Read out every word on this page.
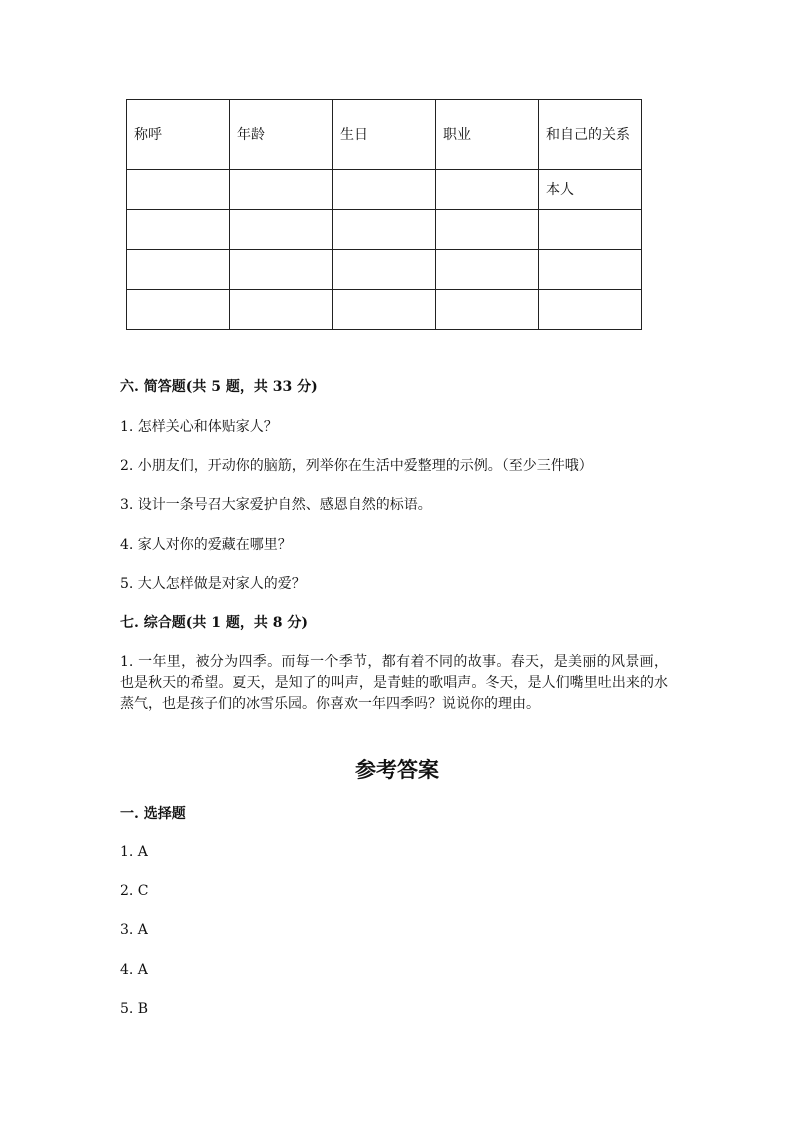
称呼	年龄	生日	职业	和自己的关系
				本人

六. 简答题(共 5 题，共 33 分)

1. 怎样关心和体贴家人？

2. 小朋友们，开动你的脑筋，列举你在生活中爱整理的示例。（至少三件哦）

3. 设计一条号召大家爱护自然、感恩自然的标语。

4. 家人对你的爱藏在哪里？

5. 大人怎样做是对家人的爱？

七. 综合题(共 1 题，共 8 分)

1. 一年里，被分为四季。而每一个季节，都有着不同的故事。春天，是美丽的风景画，也是秋天的希望。夏天，是知了的叫声，是青蛙的歌唱声。冬天，是人们嘴里吐出来的水蒸气，也是孩子们的冰雪乐园。你喜欢一年四季吗？说说你的理由。

参考答案

一. 选择题

1. A

2. C

3. A

4. A

5. B
